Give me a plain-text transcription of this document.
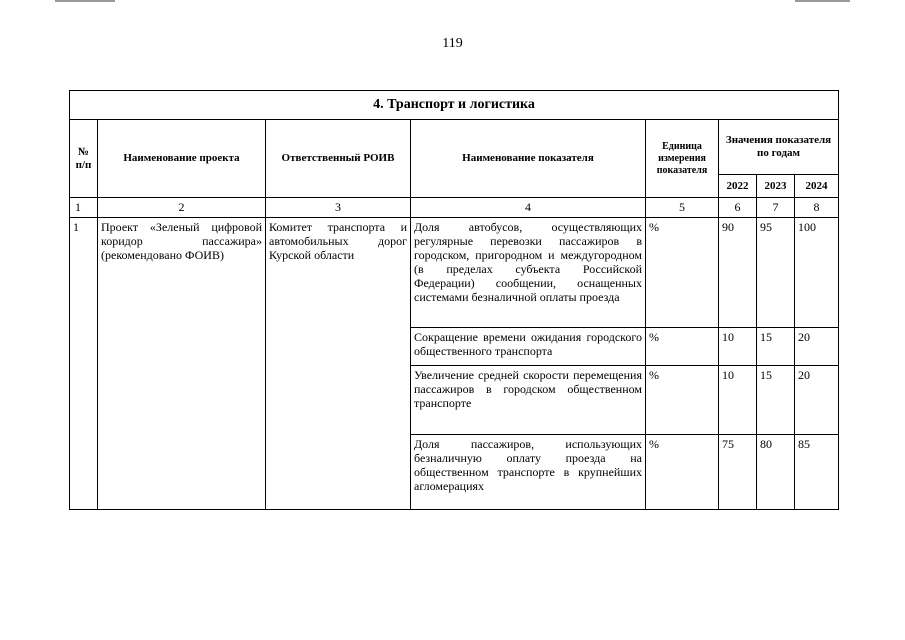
119
4. Транспорт и логистика							
№ п/п	Наименование проекта	Ответственный РОИВ	Наименование показателя	Единица измерения показателя	Значения показателя по годам		
					2022	2023	2024
1	2	3	4	5	6	7	8
1	Проект «Зеленый цифровой коридор пассажира» (рекомендовано ФОИВ)	Комитет транспорта и автомобильных дорог Курской области	Доля автобусов, осуществляющих регулярные перевозки пассажиров в городском, пригородном и междугородном (в пределах субъекта Российской Федерации) сообщении, оснащенных системами безналичной оплаты проезда	%	90	95	100
			Сокращение времени ожидания городского общественного транспорта	%	10	15	20
			Увеличение средней скорости перемещения пассажиров в городском общественном транспорте	%	10	15	20
			Доля пассажиров, использующих безналичную оплату проезда на общественном транспорте в крупнейших агломерациях	%	75	80	85
